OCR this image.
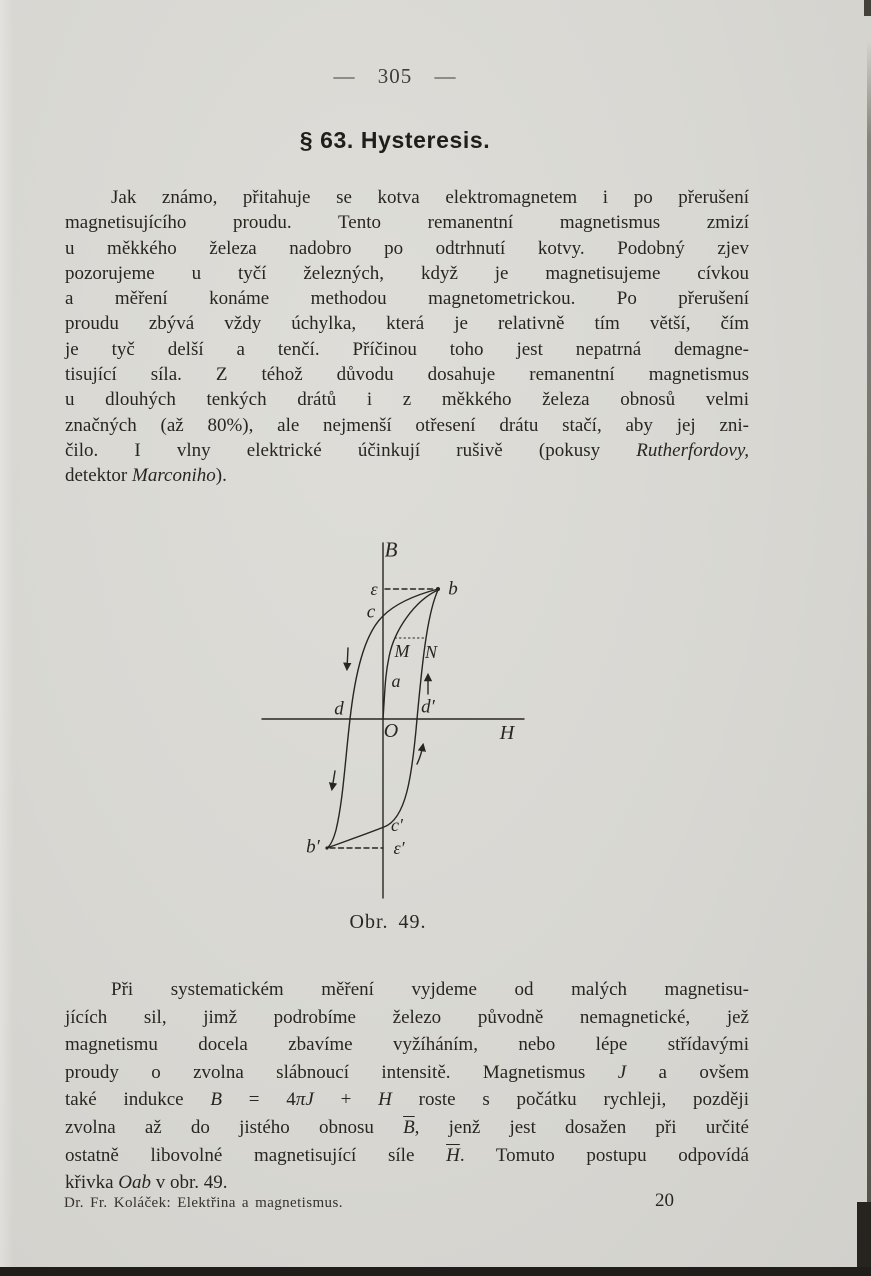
— 305 —
§ 63. Hysteresis.
Jak známo, přitahuje se kotva elektromagnetem i po přerušení
magnetisujícího proudu. Tento remanentní magnetismus zmizí
u měkkého železa nadobro po odtrhnutí kotvy. Podobný zjev
pozorujeme u tyčí železných, když je magnetisujeme cívkou
a měření konáme methodou magnetometrickou. Po přerušení
proudu zbývá vždy úchylka, která je relativně tím větší, čím
je tyč delší a tenčí. Příčinou toho jest nepatrná demagne-
tisující síla. Z téhož důvodu dosahuje remanentní magnetismus
u dlouhých tenkých drátů i z měkkého železa obnosů velmi
značných (až 80%), ale nejmenší otřesení drátu stačí, aby jej zni-
čilo. I vlny elektrické účinkují rušivě (pokusy Rutherfordovy,
detektor Marconiho).
B
ε
c
b
M N
a
d	d′
O	H
c′
ε′
b′
Obr. 49.
Při systematickém měření vyjdeme od malých magnetisu-
jících sil, jimž podrobíme železo původně nemagnetické, jež
magnetismu docela zbavíme vyžíháním, nebo lépe střídavými
proudy o zvolna slábnoucí intensitě. Magnetismus J a ovšem
také indukce B = 4πJ + H roste s počátku rychleji, později
zvolna až do jistého obnosu $\overline{B}$, jenž jest dosažen při určité
ostatně libovolné magnetisující síle $\overline{H}$. Tomuto postupu odpovídá
křivka Oab v obr. 49.
Dr. Fr. Koláček: Elektřina a magnetismus.	20
